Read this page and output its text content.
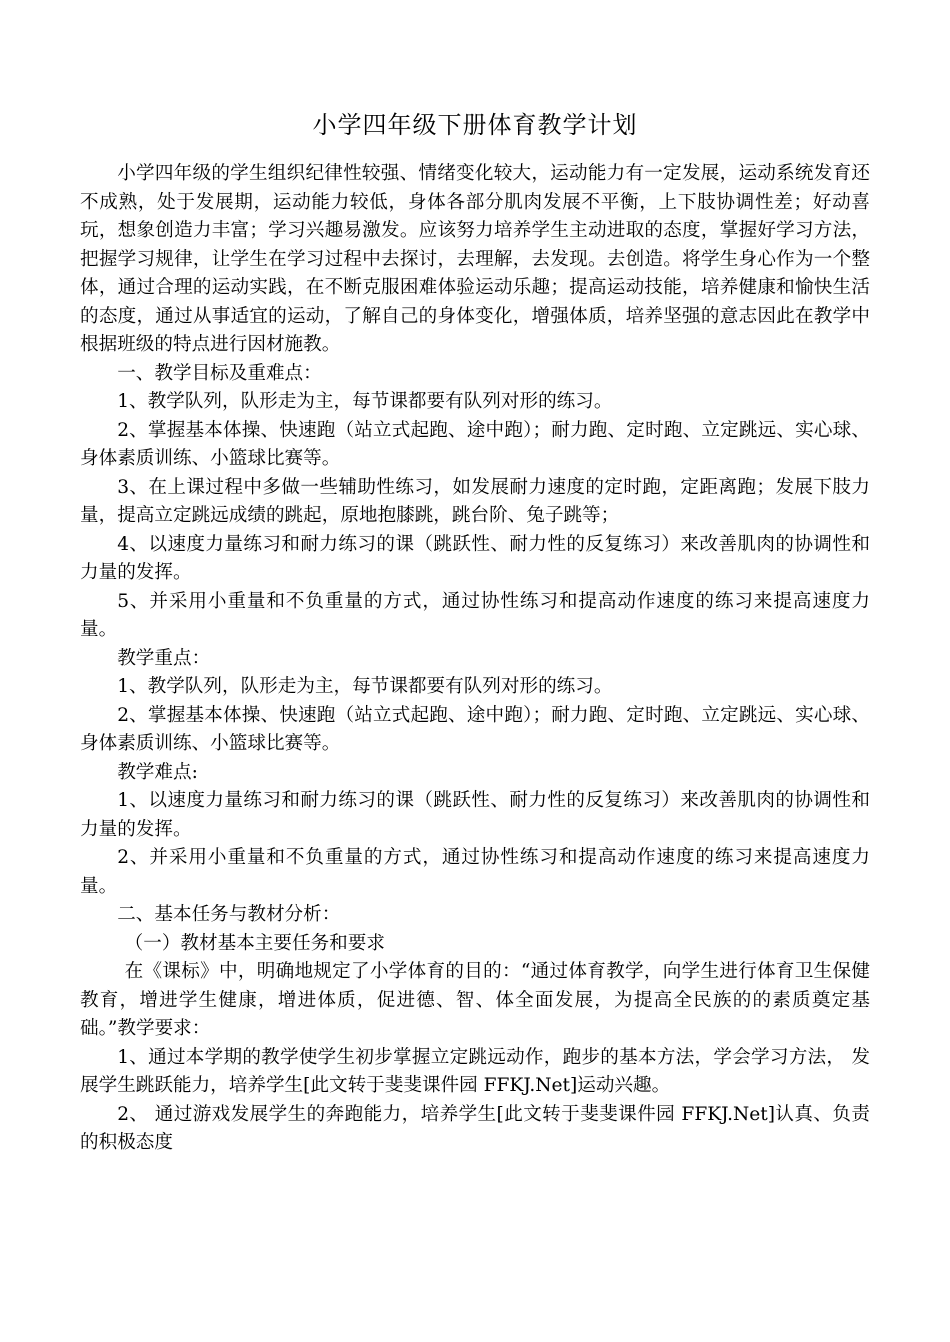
小学四年级下册体育教学计划

小学四年级的学生组织纪律性较强、情绪变化较大，运动能力有一定发展，运动系统发育还不成熟，处于发展期，运动能力较低，身体各部分肌肉发展不平衡，上下肢协调性差；好动喜玩，想象创造力丰富；学习兴趣易激发。应该努力培养学生主动进取的态度，掌握好学习方法，把握学习规律，让学生在学习过程中去探讨，去理解，去发现。去创造。将学生身心作为一个整体，通过合理的运动实践，在不断克服困难体验运动乐趣；提高运动技能，培养健康和愉快生活的态度，通过从事适宜的运动，了解自己的身体变化，增强体质，培养坚强的意志因此在教学中根据班级的特点进行因材施教。

一、教学目标及重难点：

1、教学队列，队形走为主，每节课都要有队列对形的练习。

2、掌握基本体操、快速跑（站立式起跑、途中跑）；耐力跑、定时跑、立定跳远、实心球、身体素质训练、小篮球比赛等。

3、在上课过程中多做一些辅助性练习，如发展耐力速度的定时跑，定距离跑；发展下肢力量，提高立定跳远成绩的跳起，原地抱膝跳，跳台阶、兔子跳等；

4、以速度力量练习和耐力练习的课（跳跃性、耐力性的反复练习）来改善肌肉的协调性和力量的发挥。

5、并采用小重量和不负重量的方式，通过协性练习和提高动作速度的练习来提高速度力量。

教学重点：

1、教学队列，队形走为主，每节课都要有队列对形的练习。

2、掌握基本体操、快速跑（站立式起跑、途中跑）；耐力跑、定时跑、立定跳远、实心球、身体素质训练、小篮球比赛等。

教学难点:

1、以速度力量练习和耐力练习的课（跳跃性、耐力性的反复练习）来改善肌肉的协调性和力量的发挥。

2、并采用小重量和不负重量的方式，通过协性练习和提高动作速度的练习来提高速度力量。

二、基本任务与教材分析：

（一）教材基本主要任务和要求

在《课标》中，明确地规定了小学体育的目的：“通过体育教学，向学生进行体育卫生保健教育，增进学生健康，增进体质，促进德、智、体全面发展，为提高全民族的的素质奠定基础。”教学要求：

1、通过本学期的教学使学生初步掌握立定跳远动作，跑步的基本方法，学会学习方法， 发展学生跳跃能力，培养学生[此文转于斐斐课件园 FFKJ.Net]运动兴趣。

2、 通过游戏发展学生的奔跑能力，培养学生[此文转于斐斐课件园 FFKJ.Net]认真、负责的积极态度
